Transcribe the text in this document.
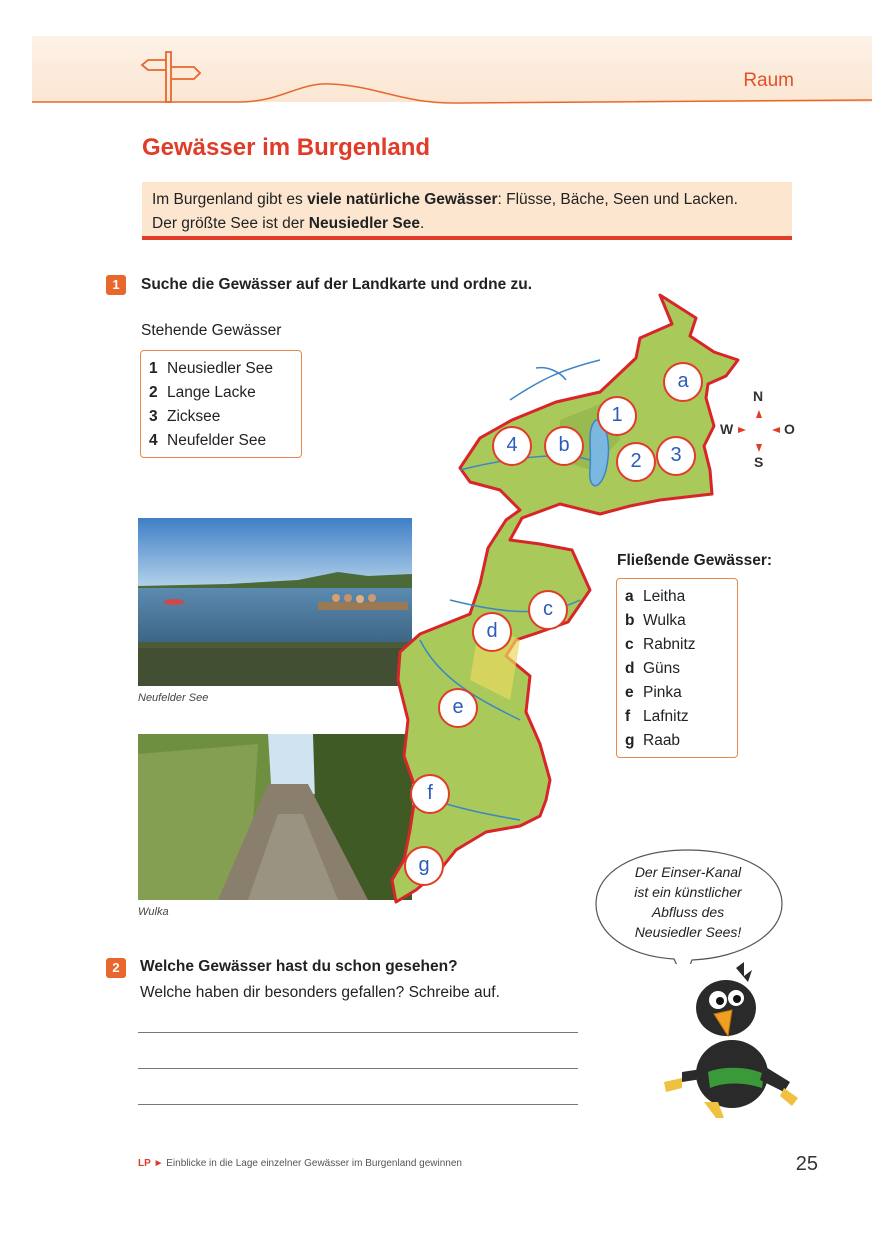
Raum
Gewässer im Burgenland
Im Burgenland gibt es viele natürliche Gewässer: Flüsse, Bäche, Seen und Lacken.
Der größte See ist der Neusiedler See.
1	Suche die Gewässer auf der Landkarte und ordne zu.
Stehende Gewässer
1 Neusiedler See
2 Lange Lacke
3 Zicksee
4 Neufelder See
Neufelder See
Wulka
a
1
4	b
2	3
c
d
e
f
g
N
W	O
S
Fließende Gewässer:
a Leitha
b Wulka
c Rabnitz
d Güns
e Pinka
f Lafnitz
g Raab
Der Einser-Kanal
ist ein künstlicher
Abfluss des
Neusiedler Sees!
2	Welche Gewässer hast du schon gesehen?
Welche haben dir besonders gefallen? Schreibe auf.
LP ► Einblicke in die Lage einzelner Gewässer im Burgenland gewinnen	25
